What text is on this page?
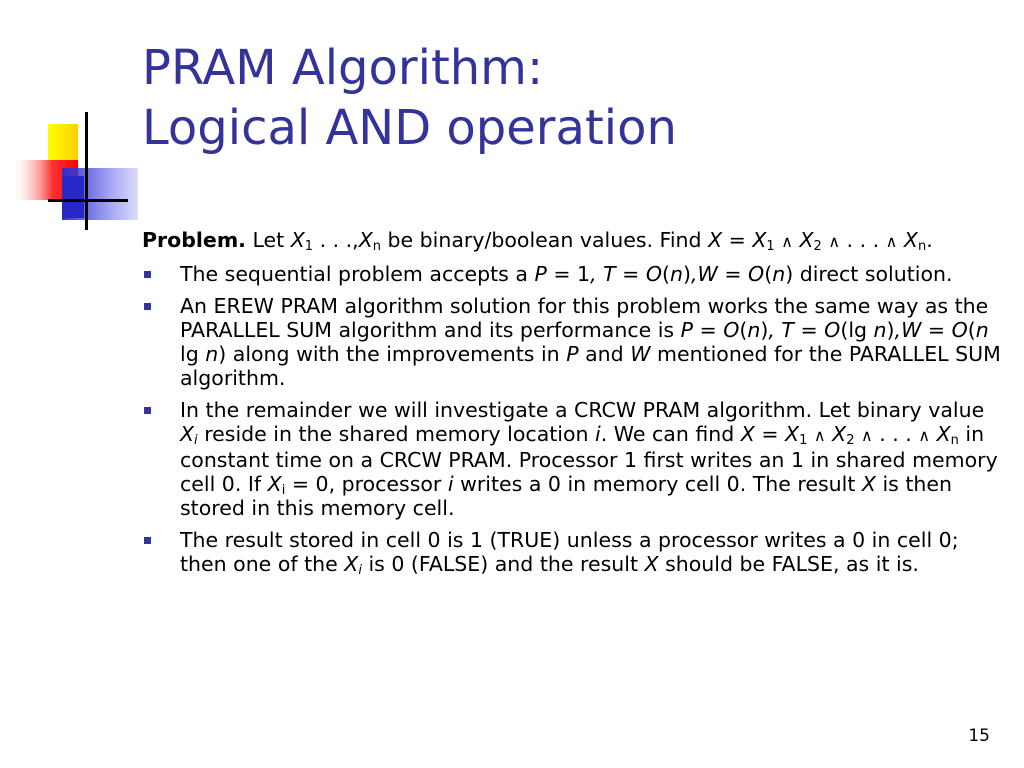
PRAM Algorithm:
Logical AND operation

Problem. Let $X_1$ . . $.,X_n$ be binary/boolean values. Find $X = X_1$ ∧ $X_2$ ∧ . . . ∧ $X_n$.

The sequential problem accepts a P = 1, T = O(n),W = O(n) direct solution.
An EREW PRAM algorithm solution for this problem works the same way as the PARALLEL SUM algorithm and its performance is P = O(n), T = O(lg n),W = O(n lg n) along with the improvements in P and W mentioned for the PARALLEL SUM algorithm.
In the remainder we will investigate a CRCW PRAM algorithm. Let binary value $X_i$ reside in the shared memory location i. We can find $X = X_1$ ∧ $X_2$ ∧ . . . ∧ $X_n$ in constant time on a CRCW PRAM. Processor 1 first writes an 1 in shared memory cell 0. If $X_i = 0$, processor i writes a 0 in memory cell 0. The result X is then stored in this memory cell.
The result stored in cell 0 is 1 (TRUE) unless a processor writes a 0 in cell 0; then one of the $X_i$ is 0 (FALSE) and the result X should be FALSE, as it is.
15
